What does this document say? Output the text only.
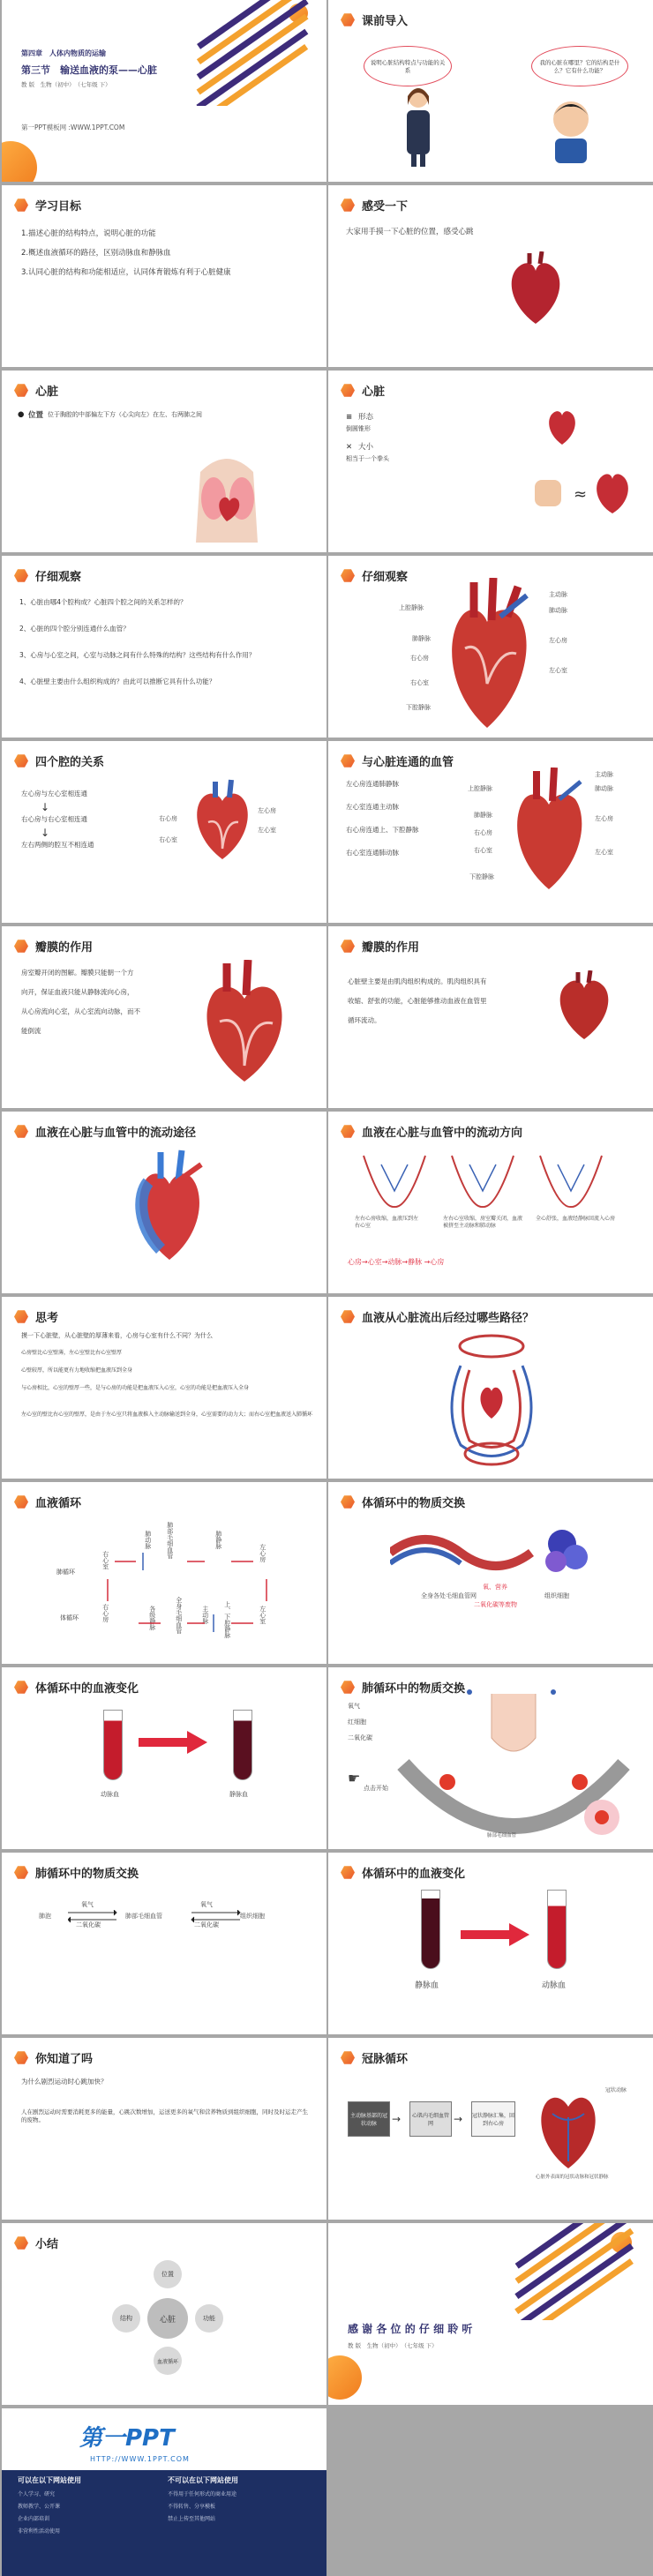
第四章　人体内物质的运输
第三节　输送血液的泵——心脏
教 版　生物（初中）　（七年级 下）
第一PPT模板网 :WWW.1PPT.COM
课前导入
说明心脏结构特点与功能的关系
我的心脏在哪里？它的结构是什么？它有什么功能？
学习目标
1.描述心脏的结构特点，说明心脏的功能
2.概述血液循环的路径，区别动脉血和静脉血
3.认同心脏的结构和功能相适应，认同体育锻炼有利于心脏健康
感受一下
大家用手摸一下心脏的位置，感受心跳
心脏
● 位置 位于胸腔的中部偏左下方（心尖向左）在左、右两肺之间
心脏
≡ 形态
倒圆锥形
✕ 大小
相当于一个拳头
≈
仔细观察
1、心脏由哪4个腔构成？心脏四个腔之间的关系怎样的？
2、心脏的四个腔分别连通什么血管？
3、心房与心室之间，心室与动脉之间有什么特殊的结构？这些结构有什么作用？
4、心脏壁主要由什么组织构成的？由此可以推断它具有什么功能？
仔细观察
主动脉
肺动脉
上腔静脉
肺静脉	左心房
右心房
左心室
右心室
下腔静脉
四个腔的关系
左心房与左心室相连通
↓
右心房与右心室相连通
↓
左右两侧的腔互不相连通
左心房
右心房
左心室
右心室
与心脏连通的血管
左心房连通肺静脉
左心室连通主动脉
右心房连通上、下腔静脉
右心室连通肺动脉
主动脉
肺动脉
上腔静脉
肺静脉	左心房
右心房
左心室
右心室
下腔静脉
瓣膜的作用
房室瓣开闭的图解。瓣膜只能朝一个方
向开，保证血液只能从静脉流向心房，
从心房流向心室，从心室流向动脉，而不
能倒流
瓣膜的作用
心脏壁主要是由肌肉组织构成的。肌肉组织具有
收缩、舒张的功能，心脏能够推动血液在血管里
循环流动。
血液在心脏与血管中的流动途径	血液在心脏与血管中的流动方向
左右心房收缩，血液压到左右心室
左右心室收缩，房室瓣关闭，血液被挤至主动脉和肺动脉
全心舒张，血液经静脉回流入心房
心房→心室→动脉→静脉 →心房
思考
摸一下心脏壁，从心脏壁的厚薄来看，心房与心室有什么不同？为什么
心房壁比心室壁薄，左心室壁比右心室壁厚
心壁较厚，所以能更有力地收缩把血液压到全身
与心房相比，心室的壁厚一些，是与心房的功能是把血液压入心室，心室的功能是把血液压入全身
左心室的壁比右心室的壁厚，是由于左心室只将血液推入主动脉输送到全身，心室需要的动力大；而右心室把血液送入肺循环
血液从心脏流出后经过哪些路径？
血液循环
肺循环
体循环
右心室
肺动脉 肺部毛细血管	肺静脉
左心房
左心室
主动脉
全身毛细血管
各级静脉	上、下腔静脉
右心房
体循环中的物质交换
全身各处毛细血管网
氧、营养
二氧化碳等废物
组织细胞
体循环中的血液变化
动脉血	静脉血
肺循环中的物质交换
氧气
红细胞
二氧化碳
☛
点击开始
肺部毛细血管
肺循环中的物质交换
氧气
二氧化碳
肺泡	肺部毛细血管
氧气
二氧化碳
组织细胞
体循环中的血液变化
静脉血	动脉血
你知道了吗
为什么剧烈运动时心跳加快？
人在剧烈运动时需要消耗更多的能量，心跳次数增加，运送更多的氧气和营养物质到组织细胞，同时及时运走产生的废物。
冠脉循环
主动脉基部的冠状动脉
心肌内毛细血管网
冠状静脉汇集，回到右心房
→	→
冠状动脉
心脏外表面的冠状动脉和冠状静脉
小结
心脏
位置
结构	功能
血液循环
感 谢 各 位 的 仔 细 聆 听
教 版　生物（初中）　（七年级 下）
第一PPT
HTTP://WWW.1PPT.COM
可以在以下网站使用	不可以在以下网站使用
个人学习、研究
教师教学、公开课
企业内部培训
非营利性活动使用
不得用于任何形式的商业用途
不得转售、分享模板
禁止上传至其他网站
